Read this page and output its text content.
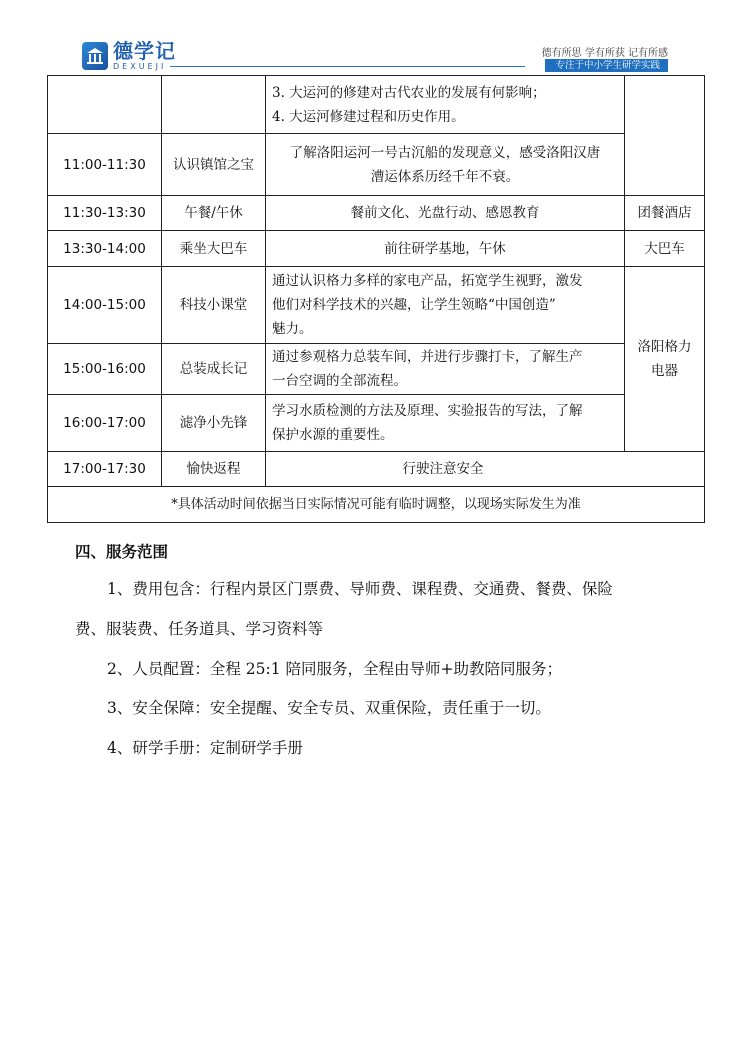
德学记
DEXUEJI
德有所思 学有所获 记有所感
专注于中小学生研学实践

		3. 大运河的修建对古代农业的发展有何影响；
4. 大运河修建过程和历史作用。	

11:00-11:30	认识镇馆之宝	了解洛阳运河一号古沉船的发现意义，感受洛阳汉唐
漕运体系历经千年不衰。	

11:30-13:30	午餐/午休	餐前文化、光盘行动、感恩教育	团餐酒店
13:30-14:00	乘坐大巴车	前往研学基地，午休	大巴车
14:00-15:00	科技小课堂	通过认识格力多样的家电产品，拓宽学生视野，激发
他们对科学技术的兴趣，让学生领略“中国创造”
魅力。	洛阳格力电器
15:00-16:00	总装成长记	通过参观格力总装车间，并进行步骤打卡，了解生产
一台空调的全部流程。	

16:00-17:00	滤净小先锋	学习水质检测的方法及原理、实验报告的写法，了解
保护水源的重要性。	

17:00-17:30	愉快返程	行驶注意安全	
*具体活动时间依据当日实际情况可能有临时调整，以现场实际发生为准			
四、服务范围
1、费用包含：行程内景区门票费、导师费、课程费、交通费、餐费、保险
费、服装费、任务道具、学习资料等
2、人员配置：全程 25:1 陪同服务，全程由导师+助教陪同服务；
3、安全保障：安全提醒、安全专员、双重保险，责任重于一切。
4、研学手册：定制研学手册
